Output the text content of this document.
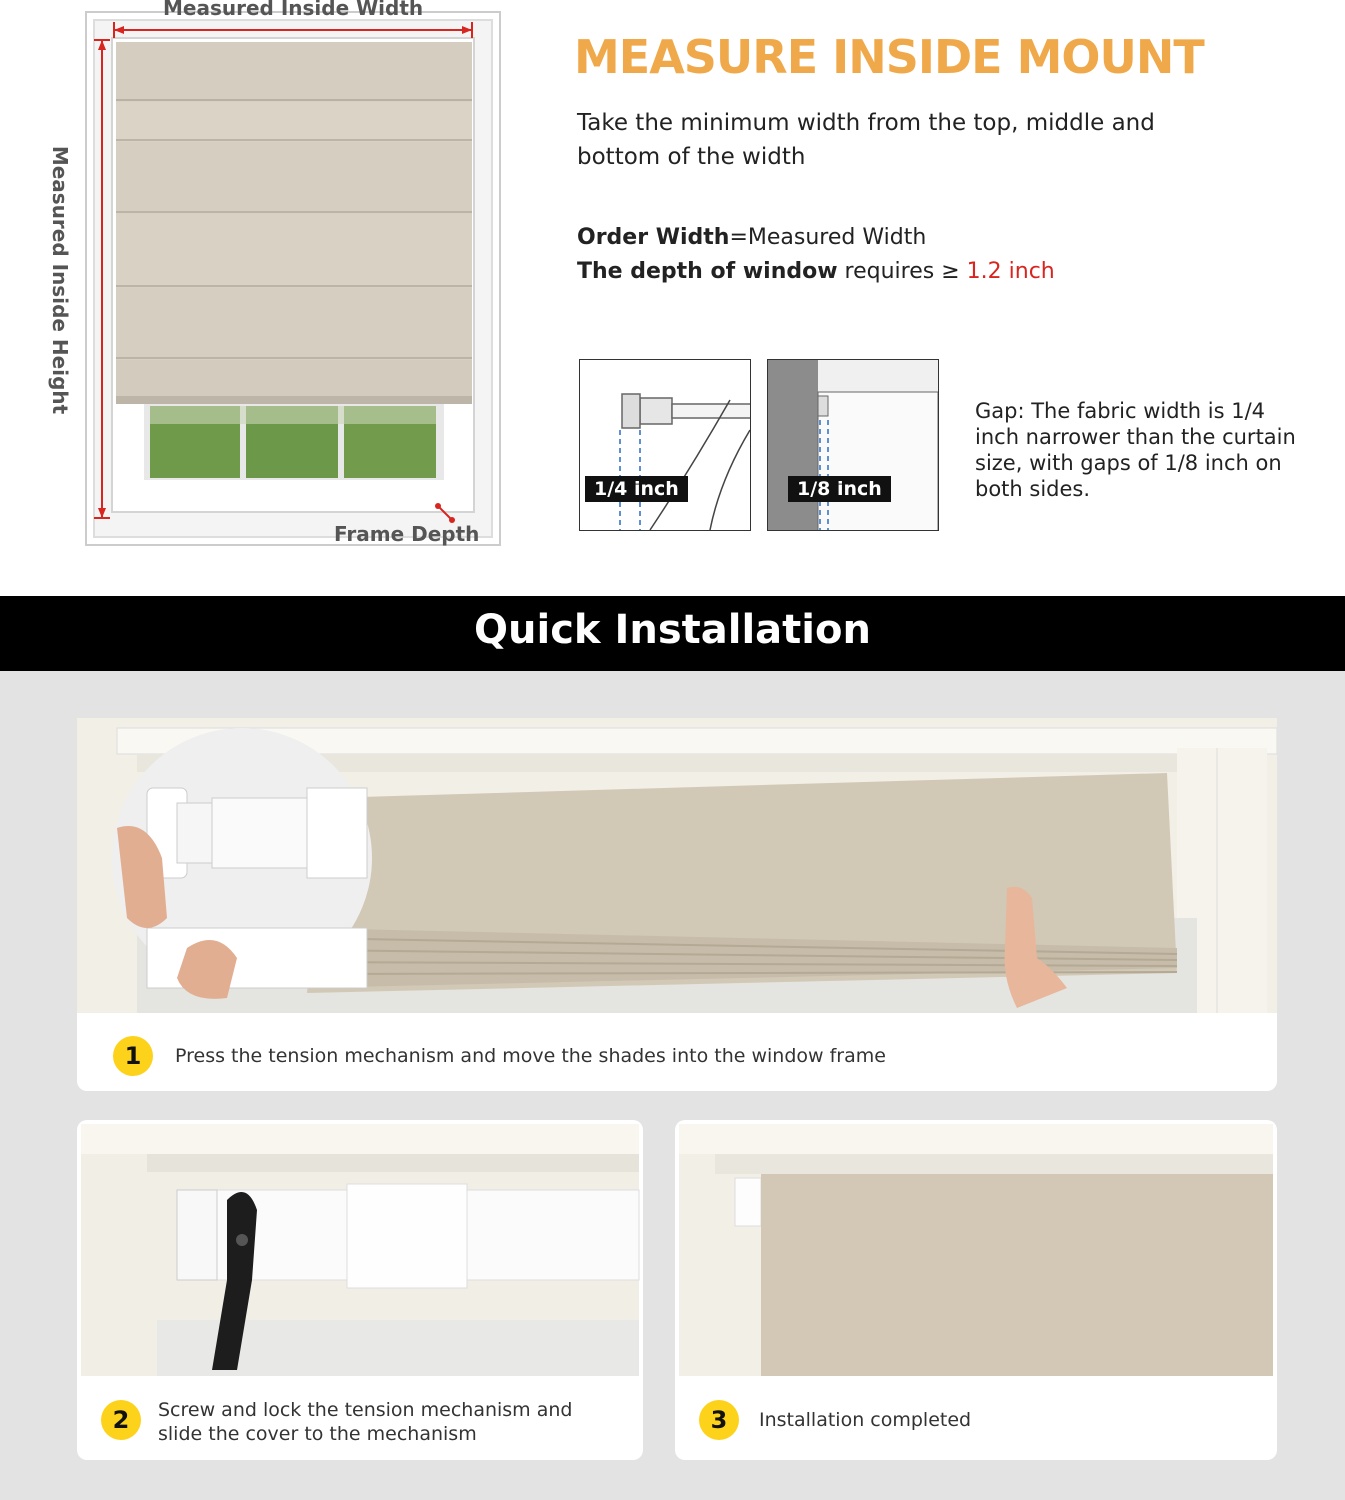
Measured Inside Width
Measured Inside Height
Frame Depth
MEASURE INSIDE MOUNT
Take the minimum width from the top, middle and bottom of the width
Order Width=Measured Width
The depth of window requires ≥ 1.2 inch
1/4 inch	1/8 inch
Gap: The fabric width is 1/4 inch narrower than the curtain size, with gaps of 1/8 inch on both sides.
Quick Installation
1	Press the tension mechanism and move the shades into the window frame
2	Screw and lock the tension mechanism and slide the cover to the mechanism	3	Installation completed
